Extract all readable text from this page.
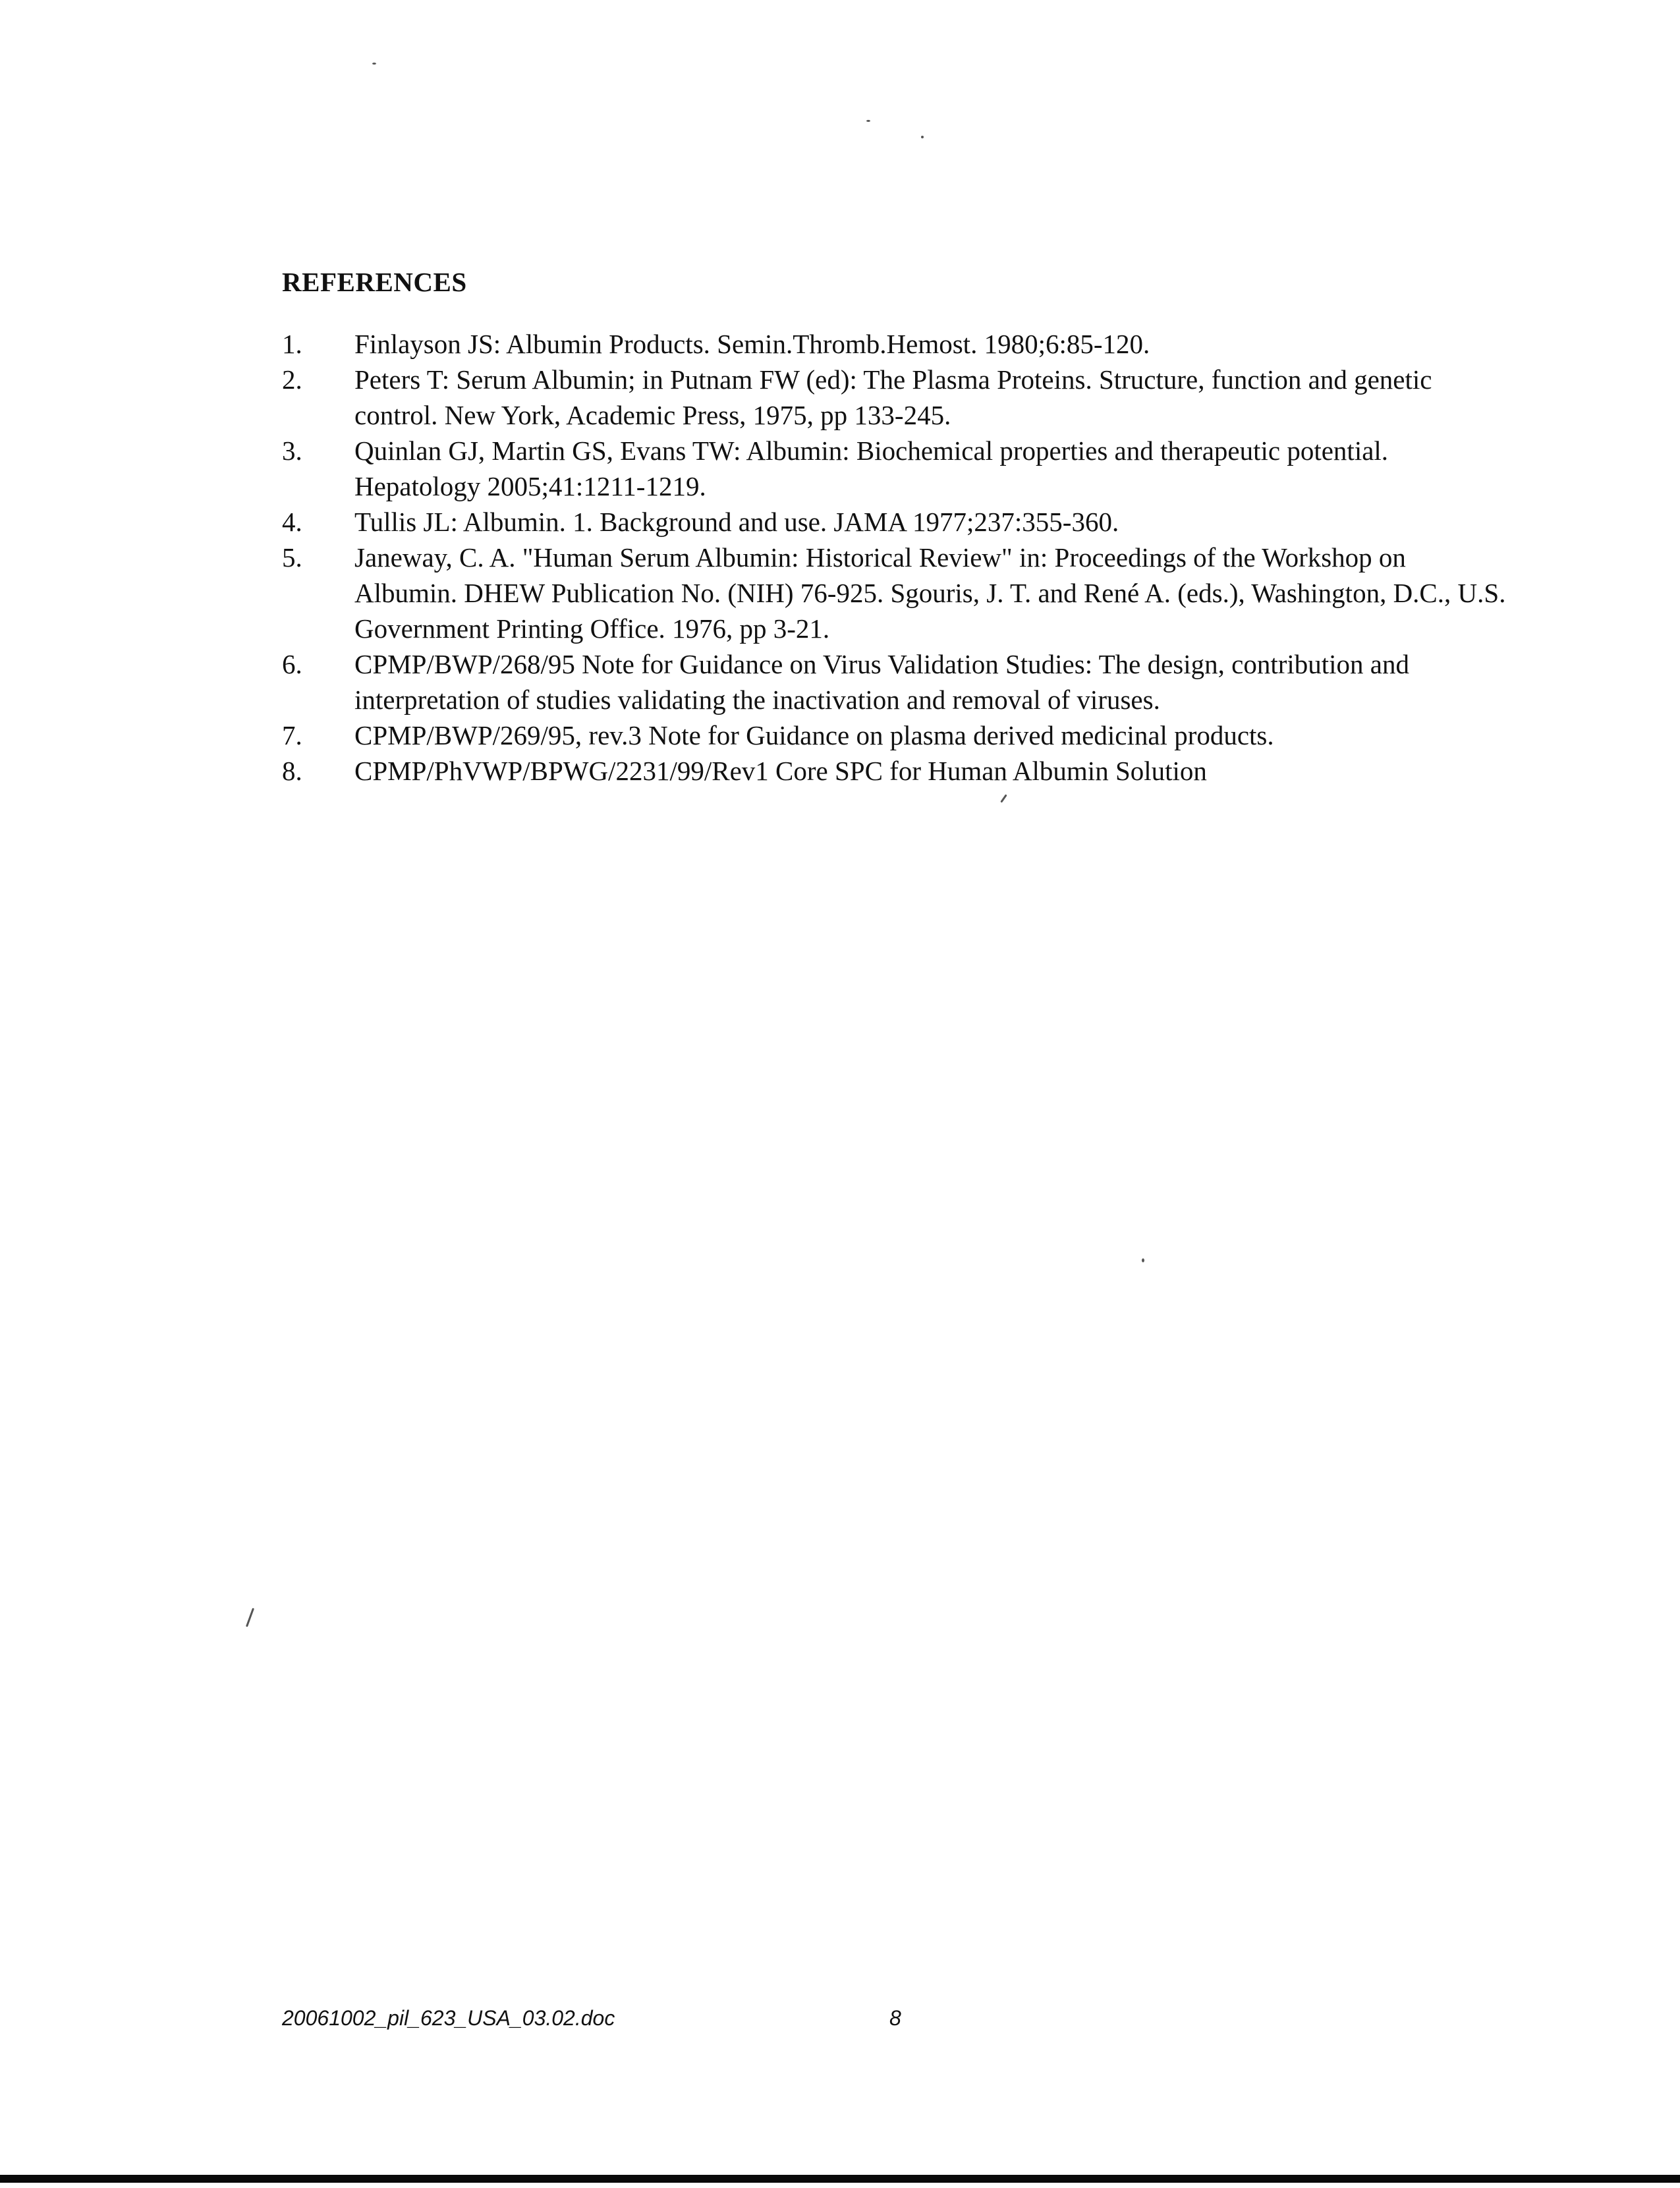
REFERENCES
1.	Finlayson JS: Albumin Products. Semin.Thromb.Hemost. 1980;6:85-120.
2.	Peters T: Serum Albumin; in Putnam FW (ed): The Plasma Proteins. Structure, function and genetic control. New York, Academic Press, 1975, pp 133-245.
3.	Quinlan GJ, Martin GS, Evans TW: Albumin: Biochemical properties and therapeutic potential. Hepatology 2005;41:1211-1219.
4.	Tullis JL: Albumin. 1. Background and use. JAMA 1977;237:355-360.
5.	Janeway, C. A. "Human Serum Albumin: Historical Review" in: Proceedings of the Workshop on Albumin. DHEW Publication No. (NIH) 76-925. Sgouris, J. T. and René A. (eds.), Washington, D.C., U.S. Government Printing Office. 1976, pp 3-21.
6.	CPMP/BWP/268/95 Note for Guidance on Virus Validation Studies: The design, contribution and interpretation of studies validating the inactivation and removal of viruses.
7.	CPMP/BWP/269/95, rev.3 Note for Guidance on plasma derived medicinal products.
8.	CPMP/PhVWP/BPWG/2231/99/Rev1 Core SPC for Human Albumin Solution
20061002_pil_623_USA_03.02.doc	8
